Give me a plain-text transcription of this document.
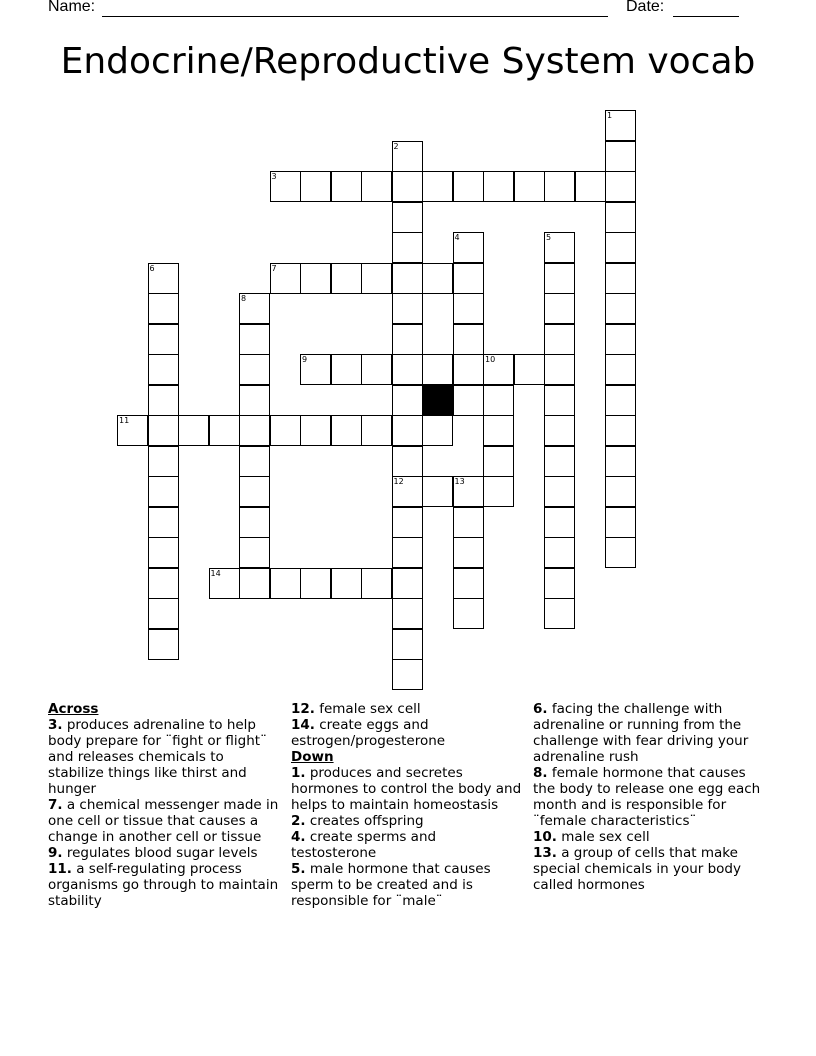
Name:	Date:
Endocrine/Reproductive System vocab
3
7
9	10
11
12	13
14
1
2
4	5
6
8
Across
3. produces adrenaline to help body prepare for ¨fight or flight¨ and releases chemicals to stabilize things like thirst and hunger
7. a chemical messenger made in one cell or tissue that causes a change in another cell or tissue
9. regulates blood sugar levels
11. a self-regulating process organisms go through to maintain stability
12. female sex cell
14. create eggs and estrogen/progesterone
Down
1. produces and secretes hormones to control the body and helps to maintain homeostasis
2. creates offspring
4. create sperms and testosterone
5. male hormone that causes sperm to be created and is responsible for ¨male¨
6. facing the challenge with adrenaline or running from the challenge with fear driving your adrenaline rush
8. female hormone that causes the body to release one egg each month and is responsible for ¨female characteristics¨
10. male sex cell
13. a group of cells that make special chemicals in your body called hormones
